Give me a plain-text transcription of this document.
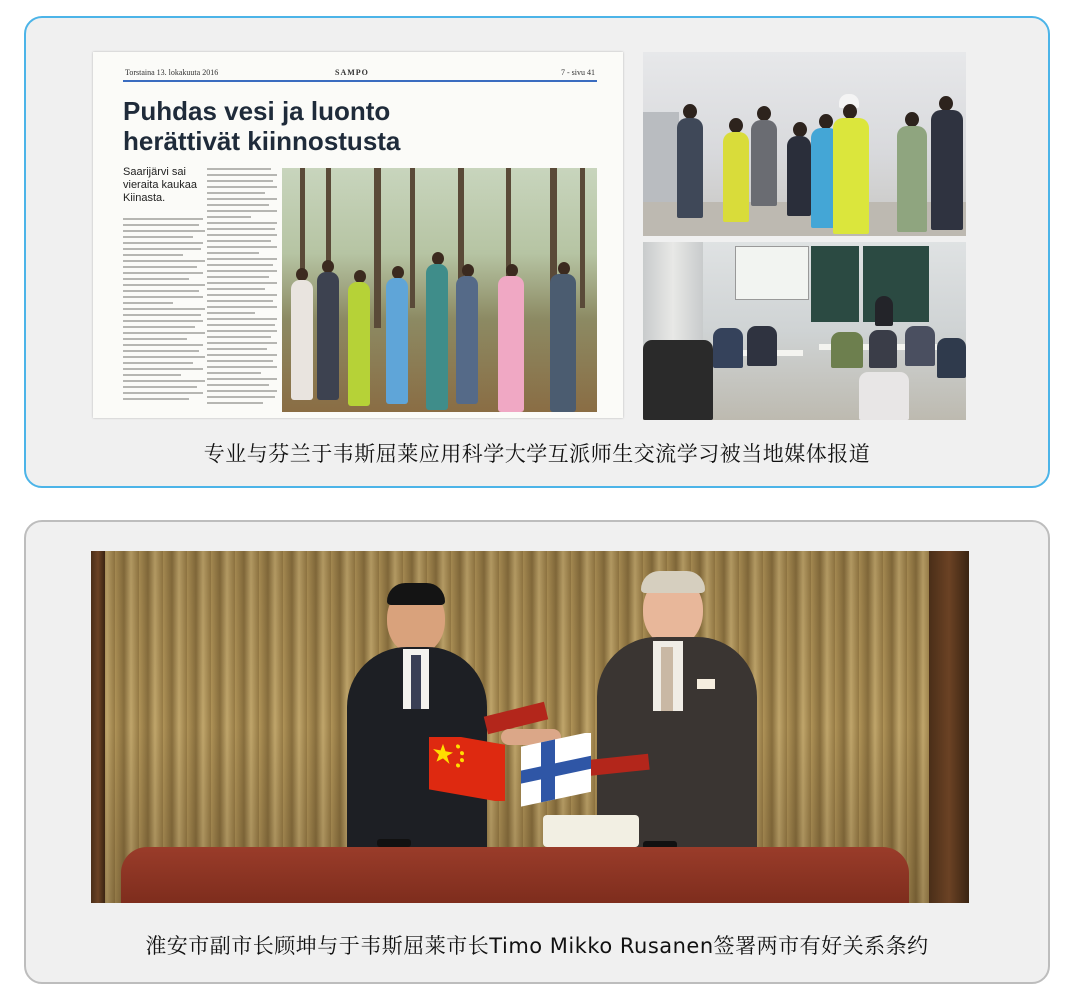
Torstaina 13. lokakuuta 2016	SAMPO	7 - sivu 41
Puhdas vesi ja luonto
herättivät kiinnostusta
Saarijärvi sai vieraita kaukaa Kiinasta.
专业与芬兰于韦斯屈莱应用科学大学互派师生交流学习被当地媒体报道
淮安市副市长顾坤与于韦斯屈莱市长Timo Mikko Rusanen签署两市有好关系条约
